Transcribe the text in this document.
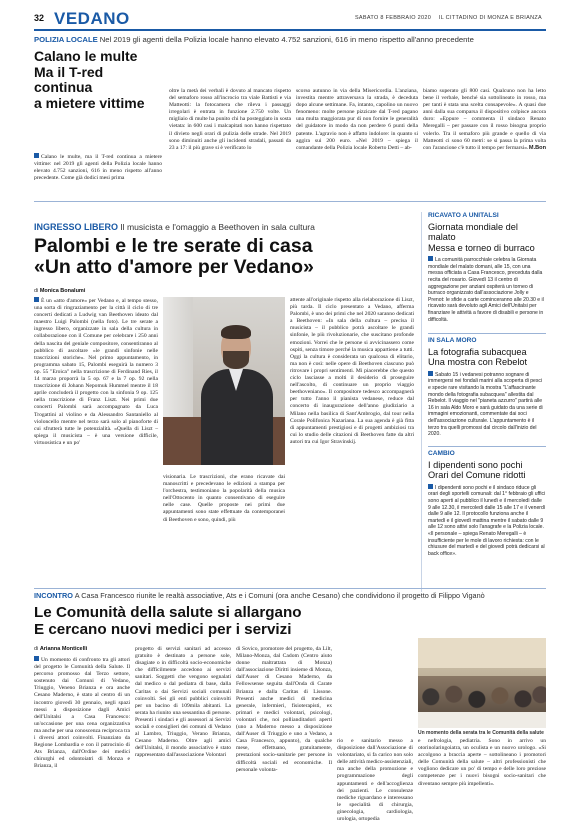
32 VEDANO	SABATO 8 FEBBRAIO 2020 IL CITTADINO DI MONZA E BRIANZA
POLIZIA LOCALE Nel 2019 gli agenti della Polizia locale hanno elevato 4.752 sanzioni, 616 in meno rispetto all'anno precedente
Calano le multe
Ma il T-red continua
a mietere vittime
Calano le multe, ma il T-red continua a mietere vittime: nel 2019 gli agenti della Polizia locale hanno elevato 4.752 sanzioni, 616 in meno rispetto all'anno precedente. Come già dodici mesi prima
oltre la metà dei verbali è dovuto al mancato rispetto del semaforo rosso all'incrocio tra viale Battisti e via Matteotti: la fotocamera che rileva i passaggi irregolari è entrata in funzione 2.750 volte. Un migliaio di multe ha punito chi ha posteggiato in sosta vietata: in 600 casi i malcapitati non hanno rispettato il divieto negli orari di pulizia delle strade. Nel 2019 sono diminuiti anche gli incidenti stradali, passati da 23 a 17: il più grave si è verificato lo
scorso autunno in via della Misericordia. L'anziana, investita mentre attraversava la strada, è deceduta dopo alcune settimane. Fa, intanto, capolino un nuovo fenomeno: molte persone pizzicate dal T-red pagano una multa maggiorata pur di non fornire le generalità del guidatore in modo da non perdere 6 punti della patente. L'agravio non è affatto indolore: in quanto si aggira sui 200 euro. «Nel 2019 – spiega il comandante della Polizia locale Roberto Detti – ab-
biamo superato gli 800 casi. Qualcuno non ha letto bene il verbale, benché sia sottolineato in rosso, ma per tanti è stata una scelta consapevole». A quasi due anni dalla sua comparsa il dispositivo colpisce ancora duro: «Eppure – commenta il sindaco Renato Meregalli – per passare con il rosso bisogna proprio volerlo. Tra il semaforo più grande e quello di via Matteotti ci sono 60 metri: se si passa la prima volta con l'arancione c'è tutto il tempo per fermarsi». M.Bon
INGRESSO LIBERO Il musicista e l'omaggio a Beethoven in sala cultura
Palombi e le tre serate di casa
«Un atto d'amore per Vedano»
di Monica Bonalumi
È un «atto d'amore» per Vedano e, al tempo stesso, una sorta di ringraziamento per la città il ciclo di tre concerti dedicati a Ludwig van Beethoven ideato dal maestro Luigi Palombi (nella foto). Le tre serate a ingresso libero, organizzate in sala della cultura in collaborazione con il Comune per celebrare i 250 anni della nascita del geniale compositore, consentiranno al pubblico di ascoltare «le grandi sinfonie nelle trascrizioni storiche». Nel primo appuntamento, in programma sabato 15, Palombi eseguirà la numero 3 op. 55 "Eroica" nella trascrizione di Ferdinand Ries, il 14 marzo proporrà la 5 op. 67 e la 7 op. 92 nella trascrizione di Johann Nepomuk Hummel mentre il 18 aprile concluderà il progetto con la sinfonia 9 op. 125 nella trascrizione di Franz Liszt. Nei primi due concerti Palombi sarà accompagnato da Luca Trogattini al violino e da Alessandro Santaniello al violoncello mentre nel terzo sarà solo al pianoforte di cui sfrutterà tutte le potenzialità. «Quella di Liszt – spiega il musicista – è una versione difficile, virtuosistica e un po'
visionaria. Le trascrizioni, che erano ricavate dai manoscritti e precedevano le edizioni a stampa per l'orchestra, testimoniano la popolarità della musica nell'Ottocento in quanto consentivano di eseguire nelle case. Quelle proposte nei primi due appuntamenti sono state effettuate da contemporanei di Beethoven e sono, quindi, più
attente all'originale rispetto alla rielaborazione di Liszt, più tarda. Il ciclo presentato a Vedano, afferma Palombi, è uno dei primi che nel 2020 saranno dedicati a Beethoven: «In sala della cultura – precisa il musicista – il pubblico potrà ascoltare le grandi sinfonie, le più rivoluzionarie, che suscitano profonde emozioni. Vorrei che le persone si avvicinassero come ospiti, senza timore perché la musica appartiene a tutti. Oggi la cultura è considerata un qualcosa di elitario, ma non è così: nelle opere di Beethoven ciascuno può ritrovare i propri sentimenti. Mi piacerebbe che questo ciclo lasciasse a molti il desiderio di proseguire nell'ascolto, di continuare un proprio viaggio beethoveniano». Il compositore tedesco accompagnerà per tutto l'anno il pianista vedanese, reduce dal concerto di inaugurazione dell'anno giudiziario a Milano nella basilica di Sant'Ambrogio, dal tour nella Corale Polifonica Nazariana. La sua agenda è già fitta di appuntamenti prestigiosi e di progetti ambiziosi tra cui lo studio delle citazioni di Beethoven fatte da altri autori tra cui Igor Stravinskij.
RICAVATO A UNITALSI
Giornata mondiale del malato
Messa e torneo di burraco
La comunità parrocchiale celebra la Giornata mondiale del malato domani, alle 15, con una messa officiata a Casa Francesco, preceduta dalla recita del rosario. Giovedì 13 il centro di aggregazione per anziani ospiterà un torneo di burraco organizzato dall'associazione Jolly e Prenot: le sfide a carte cominceranno alle 20.30 e il ricavato sarà devoluto agli Amici dell'Unitalsi per finanziare le attività a favore di disabili e persone in difficoltà.
IN SALA MORO
La fotografia subacquea
Una mostra con Rebelot
Sabato 15 i vedanesi potranno sognare di immergersi nei fondali marini alla scoperta di pesci e specie rare visitando la mostra "L'affascinante mondo della fotografia subacquea" allestita dal Rebelot. Il viaggio nel "pianeta azzurro" partirà alle 16 in sala Aldo Moro e sarà guidato da una serie di immagini emozionanti, commentate dai soci dell'associazione culturale. L'appuntamento è il terzo tra quelli promossi dal circolo dall'inizio del 2020.
CAMBIO
I dipendenti sono pochi
Orari del Comune ridotti
I dipendenti sono pochi e il sindaco riduce gli orari degli sportelli comunali: dal 1° febbraio gli uffici sono aperti al pubblico il lunedì e il mercoledì dalle 9 alle 12.30, il mercoledì dalle 15 alle 17 e il venerdì dalle 9 alle 12. Il protocollo funziona anche il martedì e il giovedì mattina mentre il sabato dalle 9 alle 12 sono attivi solo l'anagrafe e la Polizia locale. «Il personale – spiega Renato Meregalli – è insufficiente per le mole di lavoro richiesta: con le chiusure del martedì e del giovedì potrà dedicarsi al back office».
INCONTRO A Casa Francesco riunite le realtà associative, Ats e i Comuni (ora anche Cesano) che condividono il progetto di Filippo Viganò
Le Comunità della salute si allargano
E cercano nuovi medici per i servizi
di Arianna Monticelli
Un momento della serata tra le Comunità della salute
Un momento di confronto tra gli attori del progetto le Comunità della Salute. Il percorso promosso dal Terzo settore, sostenuto dai Comuni di Vedano, Triuggio, Veneno Brianza e ora anche Cesano Maderno, è stato al centro di un incontro giovedì 30 gennaio, negli spazi messi a disposizione dagli Amici dell'Unitalsi a Casa Francesco: un'occasione per una cena organizzativa ma anche per una conoscenza reciproca tra i diversi attori coinvolti. Finanziato da Regione Lombardia e con il patrocinio di Ats Brianza, dall'Ordine dei medici chirurghi ed odontoiatri di Monza e Brianza, il
progetto di servizi sanitari ad accesso gratuito è destinato a persone sole, disagiate o in difficoltà socio-economiche che difficilmente accedono ai servizi sanitari. Soggetti che vengono segnalati dal medico o dal pediatra di base, dalla Caritas o dai Servizi sociali comunali coinvolti. Sei gli enti pubblici coinvolti per un bacino di 109mila abitanti. La serata ha riunito una sessantina di persone. Presenti i sindaci e gli assessori ai Servizi sociali e consiglieri dei comuni di Vedano al Lambro, Triuggio, Verano Brianza, Cesano Maderno. Oltre agli amici dell'Unitalsi, il mondo associativo è stato rappresentato dall'associazione Volontari
di Sovico, promotore del progetto, da Lilt, Milano-Monza, dal Cadom (Centro aiuto donne maltrattata di Monza) dall'associazione Diritti insieme di Monza, dall'Auser di Cesano Maderno, da Fellowsense seguita dall'Onda di Carate Brianza e dalla Caritas di Lissone. Presenti anche medici di medicina generale, infermieri, fisioterapisti, ex primari e medici volontari, psicologi, volontari che, noi pollianditadori aperti (uno a Maderno messo a disposizione dall'Auser di Triuggio e uno a Vedano, a Casa Francesco, appunto), da qualche mese, effettuano, gratuitamente, prestazioni socio-sanitarie per persone in difficoltà sociali ed economiche. Il personale volonta-
rio e sanitario messo a disposizione dall'Associazione di volontariato, si fa carico non solo delle attività medico-assistenziali, ma anche della promozione e programmazione degli appuntamenti e dell'accoglienza dei pazienti. Le consulenze mediche riguardano e interessano le specialità di chirurgia, ginecologia, cardiologia, urologia, ortopedia
e nefrologia, pediatria. Sono in arrivo un otorinolaringoiatra, un oculista e un nuovo urologo. «Si accolgono a braccia aperte – sottolineano i promotori delle Comunità della salute – altri professionisti che vogliono dedicare un po' di tempo e delle loro preziose competenze per i nuovi bisogni socio-sanitari che diventano sempre più impellenti».
